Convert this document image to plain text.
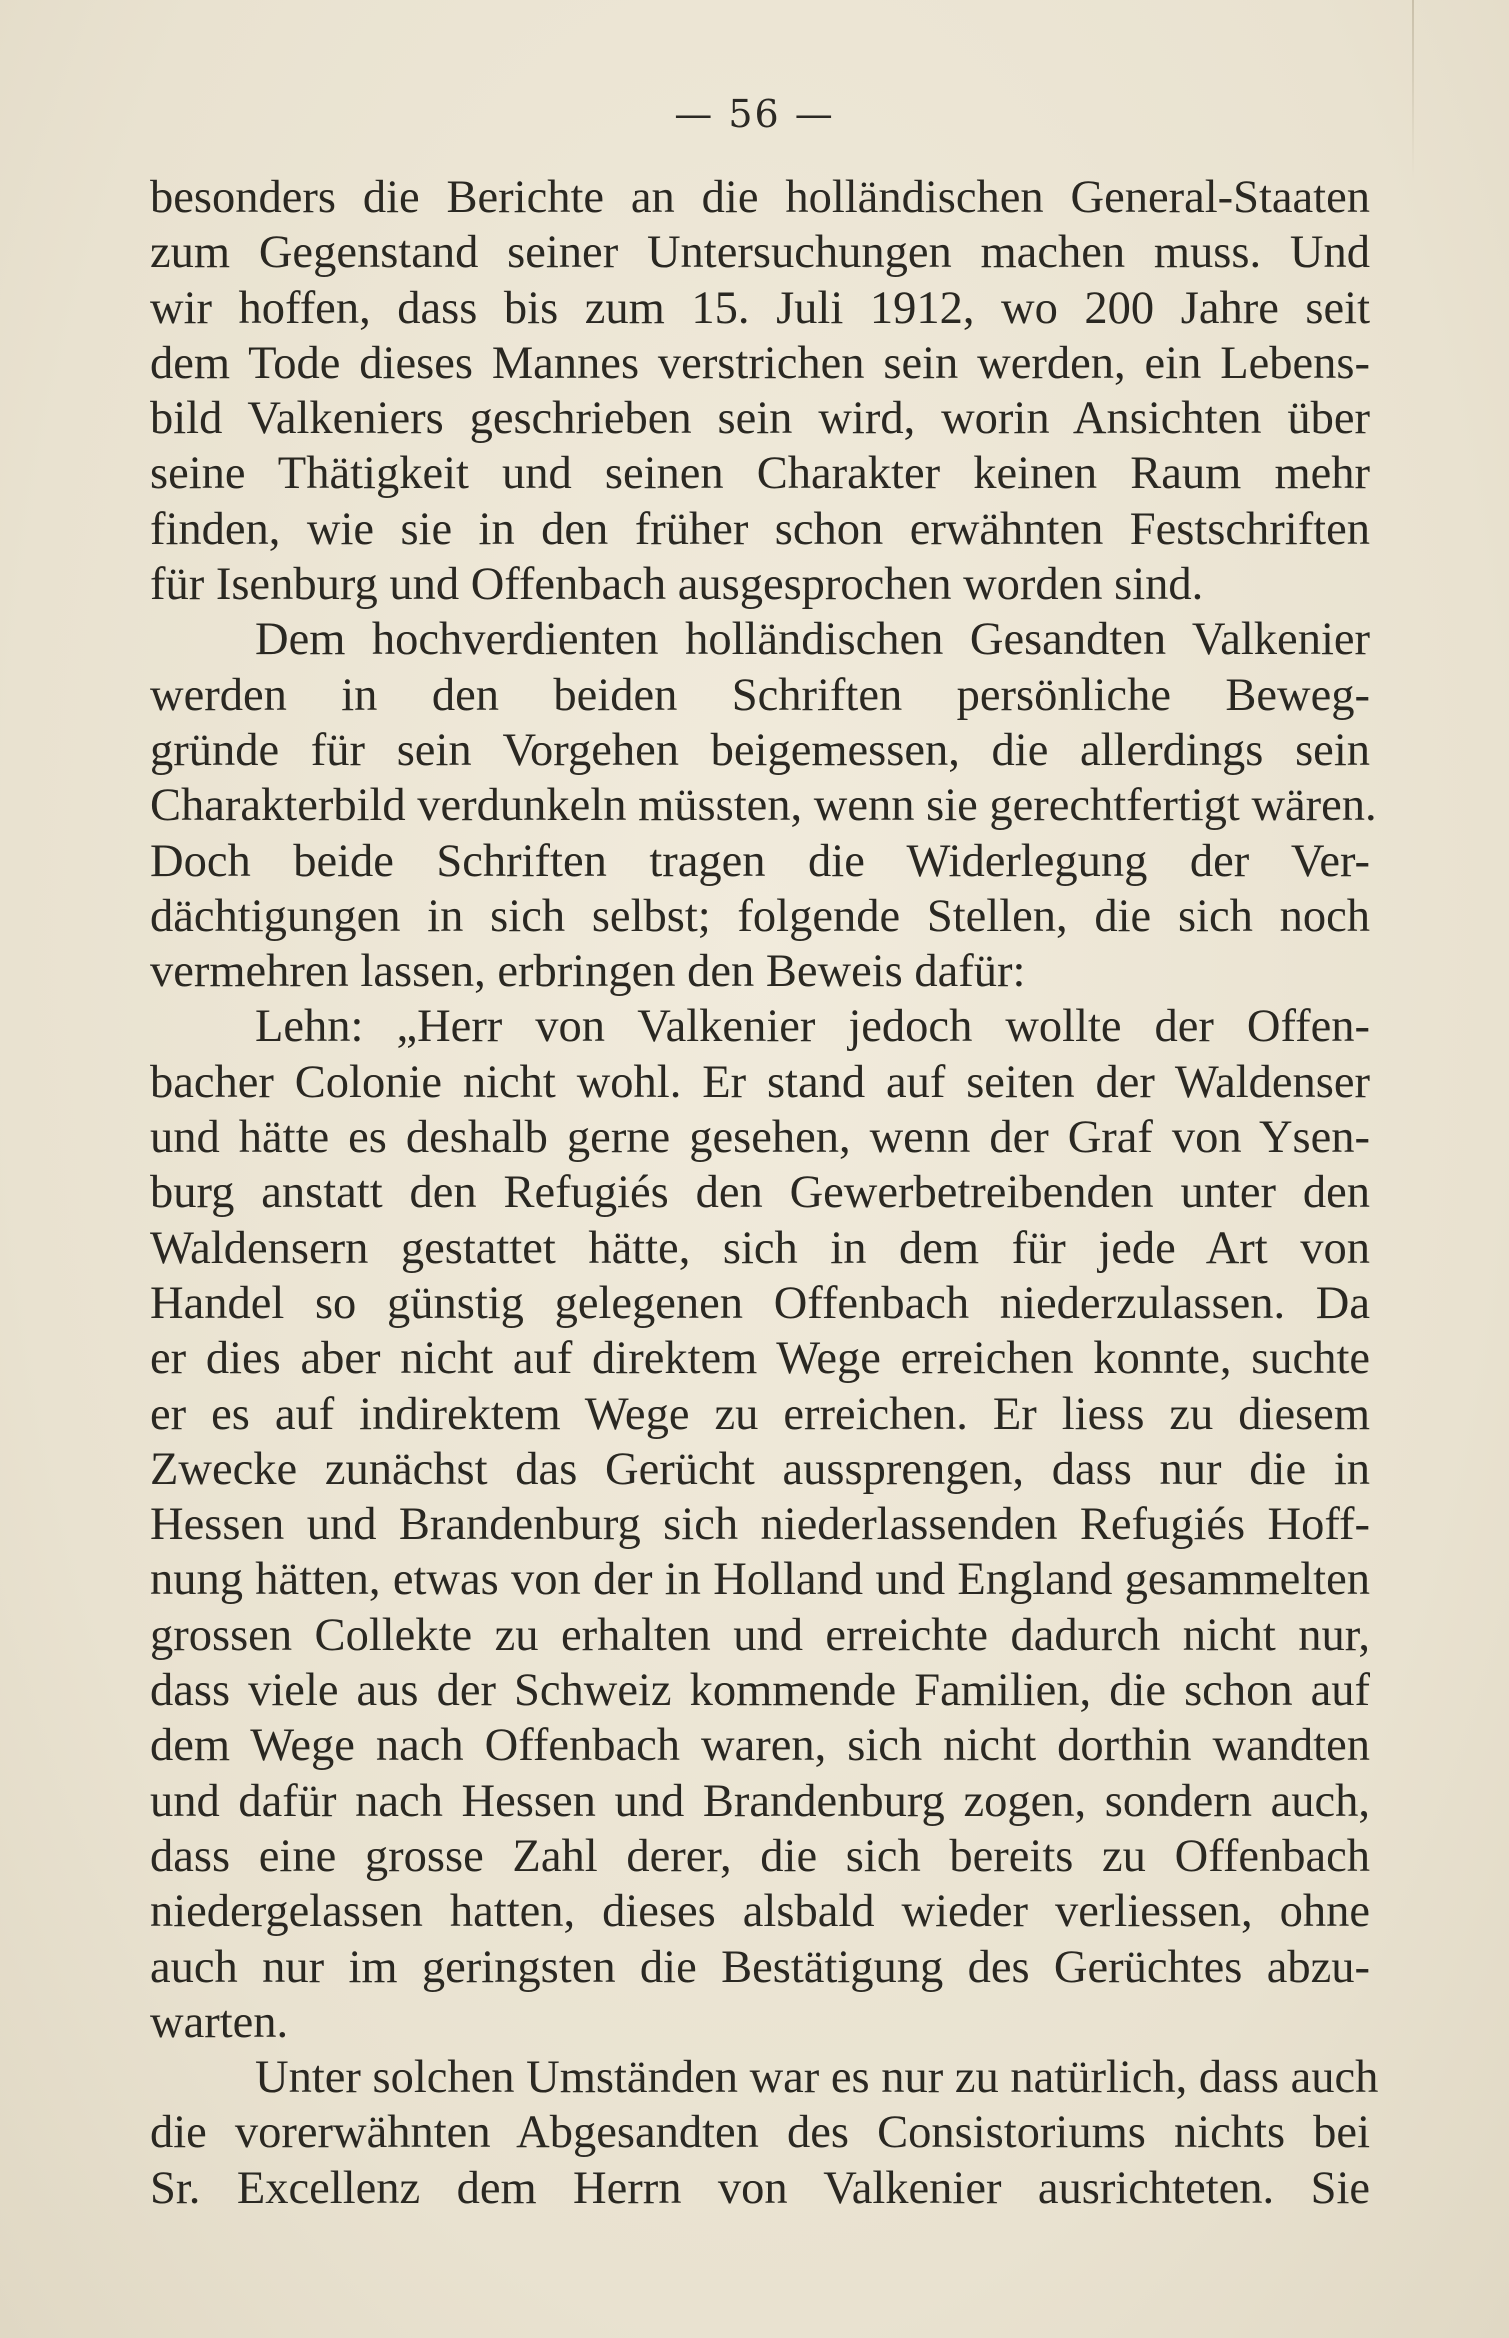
— 56 —
besonders die Berichte an die holländischen General-Staaten
zum Gegenstand seiner Untersuchungen machen muss. Und
wir hoffen, dass bis zum 15. Juli 1912, wo 200 Jahre seit
dem Tode dieses Mannes verstrichen sein werden, ein Lebens-
bild Valkeniers geschrieben sein wird, worin Ansichten über
seine Thätigkeit und seinen Charakter keinen Raum mehr
finden, wie sie in den früher schon erwähnten Festschriften
für Isenburg und Offenbach ausgesprochen worden sind.
Dem hochverdienten holländischen Gesandten Valkenier
werden in den beiden Schriften persönliche Beweg-
gründe für sein Vorgehen beigemessen, die allerdings sein
Charakterbild verdunkeln müssten, wenn sie gerechtfertigt wären.
Doch beide Schriften tragen die Widerlegung der Ver-
dächtigungen in sich selbst; folgende Stellen, die sich noch
vermehren lassen, erbringen den Beweis dafür:
Lehn: „Herr von Valkenier jedoch wollte der Offen-
bacher Colonie nicht wohl. Er stand auf seiten der Waldenser
und hätte es deshalb gerne gesehen, wenn der Graf von Ysen-
burg anstatt den Refugiés den Gewerbetreibenden unter den
Waldensern gestattet hätte, sich in dem für jede Art von
Handel so günstig gelegenen Offenbach niederzulassen. Da
er dies aber nicht auf direktem Wege erreichen konnte, suchte
er es auf indirektem Wege zu erreichen. Er liess zu diesem
Zwecke zunächst das Gerücht aussprengen, dass nur die in
Hessen und Brandenburg sich niederlassenden Refugiés Hoff-
nung hätten, etwas von der in Holland und England gesammelten
grossen Collekte zu erhalten und erreichte dadurch nicht nur,
dass viele aus der Schweiz kommende Familien, die schon auf
dem Wege nach Offenbach waren, sich nicht dorthin wandten
und dafür nach Hessen und Brandenburg zogen, sondern auch,
dass eine grosse Zahl derer, die sich bereits zu Offenbach
niedergelassen hatten, dieses alsbald wieder verliessen, ohne
auch nur im geringsten die Bestätigung des Gerüchtes abzu-
warten.
Unter solchen Umständen war es nur zu natürlich, dass auch
die vorerwähnten Abgesandten des Consistoriums nichts bei
Sr. Excellenz dem Herrn von Valkenier ausrichteten. Sie
